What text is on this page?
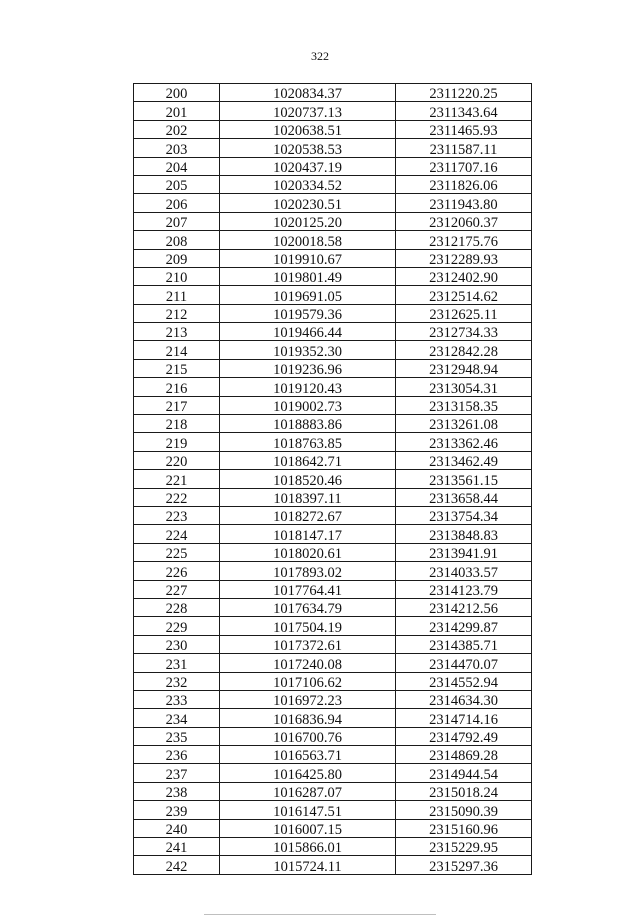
322
200	1020834.37	2311220.25
201	1020737.13	2311343.64
202	1020638.51	2311465.93
203	1020538.53	2311587.11
204	1020437.19	2311707.16
205	1020334.52	2311826.06
206	1020230.51	2311943.80
207	1020125.20	2312060.37
208	1020018.58	2312175.76
209	1019910.67	2312289.93
210	1019801.49	2312402.90
211	1019691.05	2312514.62
212	1019579.36	2312625.11
213	1019466.44	2312734.33
214	1019352.30	2312842.28
215	1019236.96	2312948.94
216	1019120.43	2313054.31
217	1019002.73	2313158.35
218	1018883.86	2313261.08
219	1018763.85	2313362.46
220	1018642.71	2313462.49
221	1018520.46	2313561.15
222	1018397.11	2313658.44
223	1018272.67	2313754.34
224	1018147.17	2313848.83
225	1018020.61	2313941.91
226	1017893.02	2314033.57
227	1017764.41	2314123.79
228	1017634.79	2314212.56
229	1017504.19	2314299.87
230	1017372.61	2314385.71
231	1017240.08	2314470.07
232	1017106.62	2314552.94
233	1016972.23	2314634.30
234	1016836.94	2314714.16
235	1016700.76	2314792.49
236	1016563.71	2314869.28
237	1016425.80	2314944.54
238	1016287.07	2315018.24
239	1016147.51	2315090.39
240	1016007.15	2315160.96
241	1015866.01	2315229.95
242	1015724.11	2315297.36
